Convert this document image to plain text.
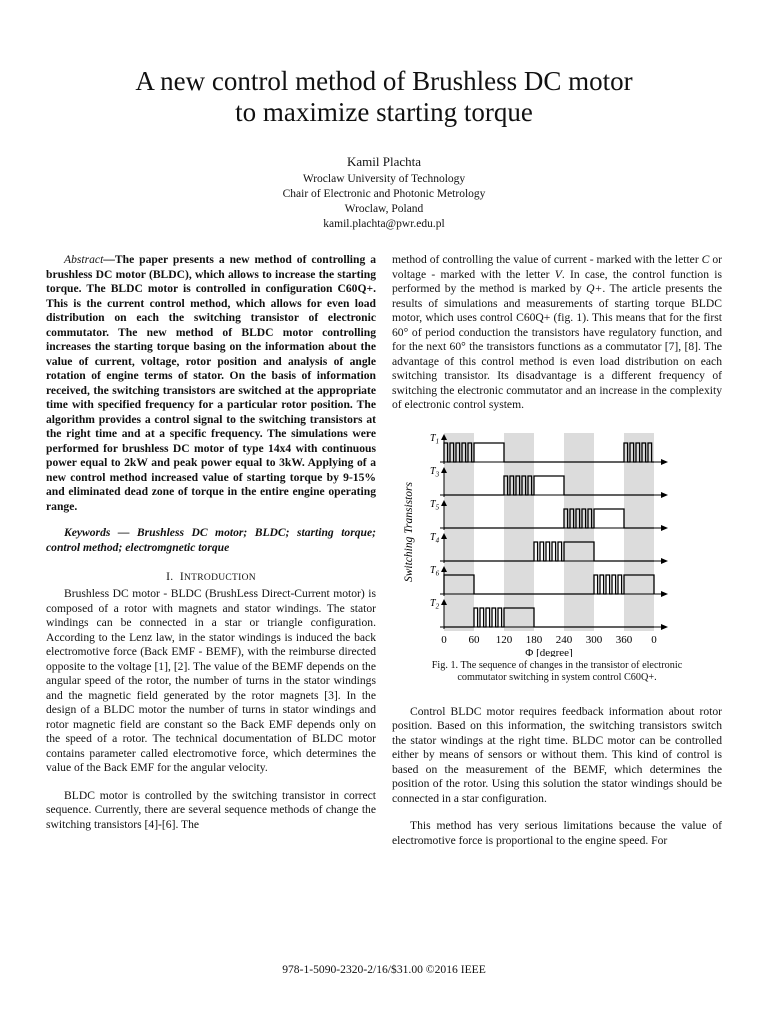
A new control method of Brushless DC motor
to maximize starting torque
Kamil Plachta
Wroclaw University of Technology
Chair of Electronic and Photonic Metrology
Wroclaw, Poland
kamil.plachta@pwr.edu.pl

Abstract—The paper presents a new method of controlling a brushless DC motor (BLDC), which allows to increase the starting torque. The BLDC motor is controlled in configuration C60Q+. This is the current control method, which allows for even load distribution on each the switching transistor of electronic commutator. The new method of BLDC motor controlling increases the starting torque basing on the information about the value of current, voltage, rotor position and analysis of angle rotation of engine terms of stator. On the basis of information received, the switching transistors are switched at the appropriate time with specified frequency for a particular rotor position. The algorithm provides a control signal to the switching transistors at the right time and at a specific frequency. The simulations were performed for brushless DC motor of type 14x4 with continuous power equal to 2kW and peak power equal to 3kW. Applying of a new control method increased value of starting torque by 9-15% and eliminated dead zone of torque in the entire engine operating range.

Keywords — Brushless DC motor; BLDC; starting torque; control method; electromgnetic torque

I. INTRODUCTION

Brushless DC motor - BLDC (BrushLess Direct-Current motor) is composed of a rotor with magnets and stator windings. The stator windings can be connected in a star or triangle configuration. According to the Lenz law, in the stator windings is induced the back electromotive force (Back EMF - BEMF), with the reimburse directed opposite to the voltage [1], [2]. The value of the BEMF depends on the angular speed of the rotor, the number of turns in the stator windings and the magnetic field generated by the rotor magnets [3]. In the design of a BLDC motor the number of turns in stator windings and rotor magnetic field are constant so the Back EMF depends only on the speed of a rotor. The technical documentation of BLDC motor contains parameter called electromotive force, which determines the value of the Back EMF for the angular velocity.

BLDC motor is controlled by the switching transistor in correct sequence. Currently, there are several sequence methods of change the switching transistors [4]-[6]. The

method of controlling the value of current - marked with the letter C or voltage - marked with the letter V. In case, the control function is performed by the method is marked by Q+. The article presents the results of simulations and measurements of starting torque BLDC motor, which uses control C60Q+ (fig. 1). This means that for the first 60° of period conduction the transistors have regulatory function, and for the next 60° the transistors functions as a commutator [7], [8]. The advantage of this control method is even load distribution on each switching transistor. Its disadvantage is a different frequency of switching the electronic commutator and an increase in the complexity of electronic control system.

$T_1$
$T_3$
$T_5$
$T_4$
$T_6$
$T_2$
Switching Transistors
0 60 120 180 240 300 360 0
Φ [degree]
Fig. 1. The sequence of changes in the transistor of electronic
commutator switching in system control C60Q+.

Control BLDC motor requires feedback information about rotor position. Based on this information, the switching transistors switch the stator windings at the right time. BLDC motor can be controlled either by means of sensors or without them. This kind of control is based on the measurement of the BEMF, which determines the position of the rotor. Using this solution the stator windings should be connected in a star configuration.

This method has very serious limitations because the value of electromotive force is proportional to the engine speed. For

978-1-5090-2320-2/16/$31.00 ©2016 IEEE
